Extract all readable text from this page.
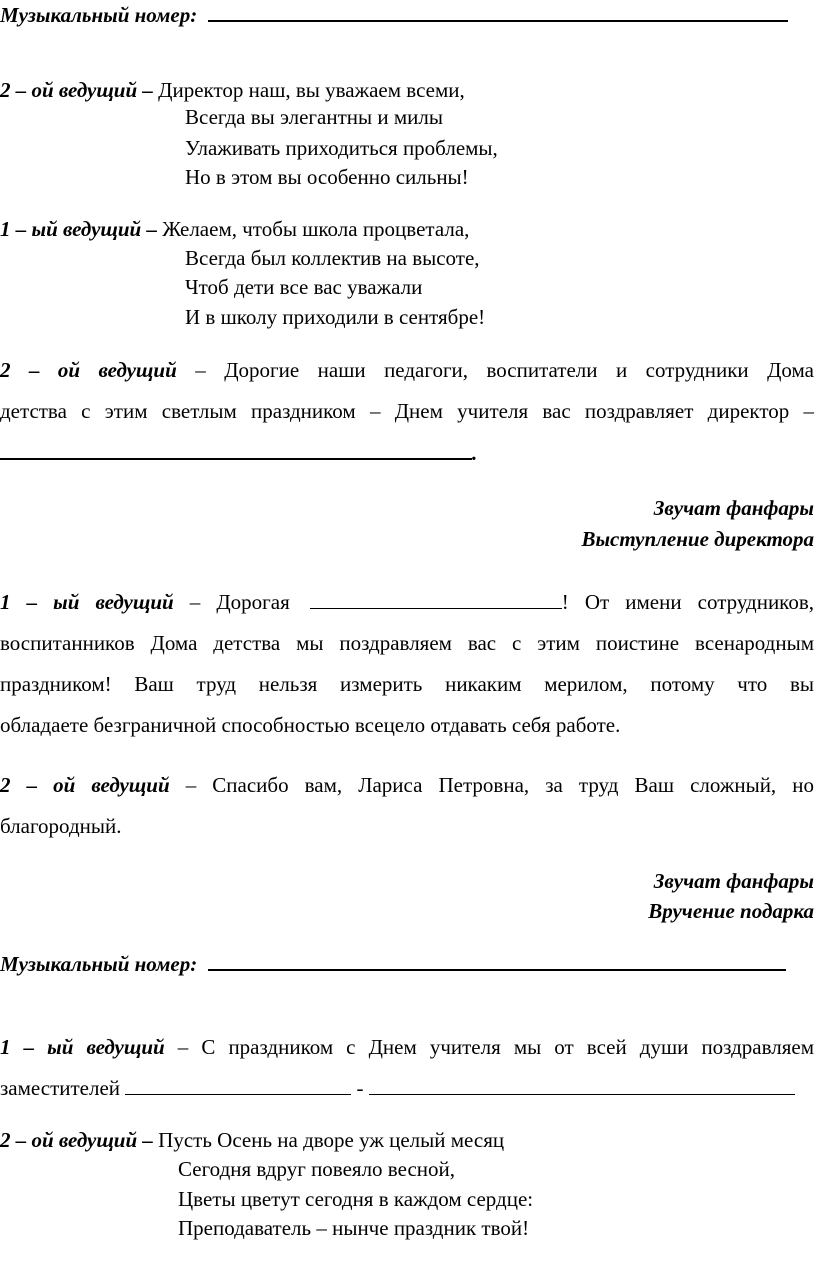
Музыкальный номер:
2 – ой ведущий – Директор наш, вы уважаем всеми,
Всегда вы элегантны и милы
Улаживать приходиться проблемы,
Но в этом вы особенно сильны!
1 – ый ведущий – Желаем, чтобы школа процветала,
Всегда был коллектив на высоте,
Чтоб дети все вас уважали
И в школу приходили в сентябре!
2 – ой ведущий – Дорогие наши педагоги, воспитатели и сотрудники Дома
детства с этим светлым праздником – Днем учителя вас поздравляет директор –
.
Звучат фанфары
Выступление директора
1 – ый ведущий – Дорогая	! От имени сотрудников,
воспитанников Дома детства мы поздравляем вас с этим поистине всенародным
праздником! Ваш труд нельзя измерить никаким мерилом, потому что вы
обладаете безграничной способностью всецело отдавать себя работе.
2 – ой ведущий – Спасибо вам, Лариса Петровна, за труд Ваш сложный, но
благородный.
Звучат фанфары
Вручение подарка
Музыкальный номер:
1 – ый ведущий – С праздником с Днем учителя мы от всей души поздравляем
заместителей	-
2 – ой ведущий – Пусть Осень на дворе уж целый месяц
Сегодня вдруг повеяло весной,
Цветы цветут сегодня в каждом сердце:
Преподаватель – нынче праздник твой!
